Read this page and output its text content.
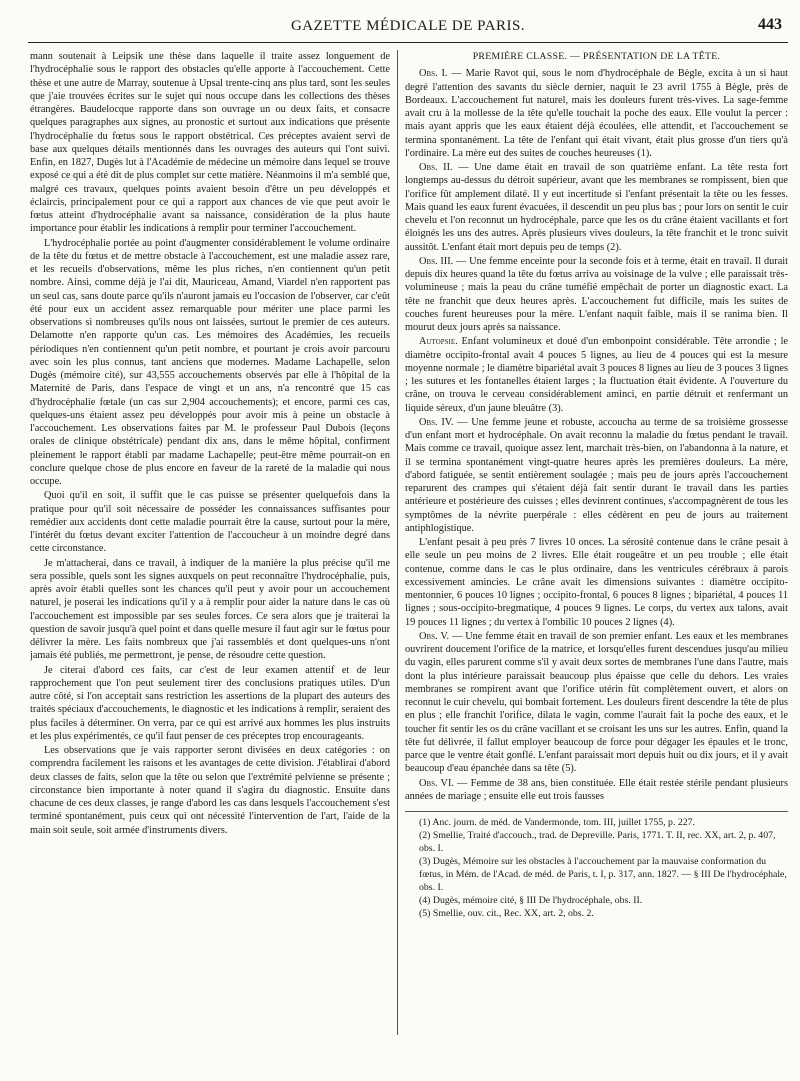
GAZETTE MÉDICALE DE PARIS.	443

mann soutenait à Leipsik une thèse dans laquelle il traite assez longuement de l'hydrocéphalie sous le rapport des obstacles qu'elle apporte à l'accouchement. Cette thèse et une autre de Marray, soutenue à Upsal trente-cinq ans plus tard, sont les seules que j'aie trouvées écrites sur le sujet qui nous occupe dans les collections des thèses étrangères. Baudelocque rapporte dans son ouvrage un ou deux faits, et consacre quelques paragraphes aux signes, au pronostic et surtout aux indications que présente l'hydrocéphalie du fœtus sous le rapport obstétrical. Ces préceptes avaient servi de base aux quelques détails mentionnés dans les ouvrages des auteurs qui l'ont suivi. Enfin, en 1827, Dugès lut à l'Académie de médecine un mémoire dans lequel se trouve exposé ce qui a été dit de plus complet sur cette matière. Néanmoins il m'a semblé que, malgré ces travaux, quelques points avaient besoin d'être un peu développés et éclaircis, principalement pour ce qui a rapport aux chances de vie que peut avoir le fœtus atteint d'hydrocéphalie avant sa naissance, considération de la plus haute importance pour établir les indications à remplir pour terminer l'accouchement.

L'hydrocéphalie portée au point d'augmenter considérablement le volume ordinaire de la tête du fœtus et de mettre obstacle à l'accouchement, est une maladie assez rare, et les recueils d'observations, même les plus riches, n'en contiennent qu'un petit nombre. Ainsi, comme déjà je l'ai dit, Mauriceau, Amand, Viardel n'en rapportent pas un seul cas, sans doute parce qu'ils n'auront jamais eu l'occasion de l'observer, car c'eût été pour eux un accident assez remarquable pour mériter une place parmi les observations si nombreuses qu'ils nous ont laissées, surtout le premier de ces auteurs. Delamotte n'en rapporte qu'un cas. Les mémoires des Académies, les recueils périodiques n'en contiennent qu'un petit nombre, et pourtant je crois avoir parcouru avec soin les plus connus, tant anciens que modernes. Madame Lachapelle, selon Dugès (mémoire cité), sur 43,555 accouchements observés par elle à l'hôpital de la Maternité de Paris, dans l'espace de vingt et un ans, n'a rencontré que 15 cas d'hydrocéphalie fœtale (un cas sur 2,904 accouchements); et encore, parmi ces cas, quelques-uns étaient assez peu développés pour avoir mis à peine un obstacle à l'accouchement. Les observations faites par M. le professeur Paul Dubois (leçons orales de clinique obstétricale) pendant dix ans, dans le même hôpital, confirment pleinement le rapport établi par madame Lachapelle; peut-être même pourrait-on en conclure quelque chose de plus encore en faveur de la rareté de la maladie qui nous occupe.

Quoi qu'il en soit, il suffit que le cas puisse se présenter quelquefois dans la pratique pour qu'il soit nécessaire de posséder les connaissances suffisantes pour remédier aux accidents dont cette maladie pourrait être la cause, surtout pour la mère, l'intérêt du fœtus devant exciter l'attention de l'accoucheur à un moindre degré dans cette circonstance.

Je m'attacherai, dans ce travail, à indiquer de la manière la plus précise qu'il me sera possible, quels sont les signes auxquels on peut reconnaître l'hydrocéphalie, puis, après avoir établi quelles sont les chances qu'il peut y avoir pour un accouchement naturel, je poserai les indications qu'il y a à remplir pour aider la nature dans le cas où l'accouchement est impossible par ses seules forces. Ce sera alors que je traiterai la question de savoir jusqu'à quel point et dans quelle mesure il faut agir sur le fœtus pour délivrer la mère. Les faits nombreux que j'ai rassemblés et dont quelques-uns n'ont jamais été publiés, me permettront, je pense, de résoudre cette question.

Je citerai d'abord ces faits, car c'est de leur examen attentif et de leur rapprochement que l'on peut seulement tirer des conclusions pratiques utiles. D'un autre côté, si l'on acceptait sans restriction les assertions de la plupart des auteurs des traités spéciaux d'accouchements, le diagnostic et les indications à remplir, seraient des plus faciles à déterminer. On verra, par ce qui est arrivé aux hommes les plus instruits et les plus expérimentés, ce qu'il faut penser de ces préceptes trop encourageants.

Les observations que je vais rapporter seront divisées en deux catégories : on comprendra facilement les raisons et les avantages de cette division. J'établirai d'abord deux classes de faits, selon que la tête ou selon que l'extrémité pelvienne se présente ; circonstance bien importante à noter quand il s'agira du diagnostic. Ensuite dans chacune de ces deux classes, je range d'abord les cas dans lesquels l'accouchement s'est terminé spontanément, puis ceux qui ont nécessité l'intervention de l'art, l'aide de la main soit seule, soit armée d'instruments divers.

PREMIÈRE CLASSE. — PRÉSENTATION DE LA TÊTE.

Obs. I. — Marie Ravot qui, sous le nom d'hydrocéphale de Bègle, excita à un si haut degré l'attention des savants du siècle dernier, naquit le 23 avril 1755 à Bègle, près de Bordeaux. L'accouchement fut naturel, mais les douleurs furent très-vives. La sage-femme avait cru à la mollesse de la tête qu'elle touchait la poche des eaux. Elle voulut la percer : mais ayant appris que les eaux étaient déjà écoulées, elle attendit, et l'accouchement se termina spontanément. La tête de l'enfant qui était vivant, était plus grosse d'un tiers qu'à l'ordinaire. La mère eut des suites de couches heureuses (1).

Obs. II. — Une dame était en travail de son quatrième enfant. La tête resta fort longtemps au-dessus du détroit supérieur, avant que les membranes se rompissent, bien que l'orifice fût amplement dilaté. Il y eut incertitude si l'enfant présentait la tête ou les fesses. Mais quand les eaux furent évacuées, il descendit un peu plus bas ; pour lors on sentit le cuir chevelu et l'on reconnut un hydrocéphale, parce que les os du crâne étaient vacillants et fort éloignés les uns des autres. Après plusieurs vives douleurs, la tête franchit et le tronc suivit aussitôt. L'enfant était mort depuis peu de temps (2).

Obs. III. — Une femme enceinte pour la seconde fois et à terme, était en travail. Il durait depuis dix heures quand la tête du fœtus arriva au voisinage de la vulve ; elle paraissait très-volumineuse ; mais la peau du crâne tuméfié empêchait de porter un diagnostic exact. La tête ne franchit que deux heures après. L'accouchement fut difficile, mais les suites de couches furent heureuses pour la mère. L'enfant naquit faible, mais il se ranima bien. Il mourut deux jours après sa naissance.

Autopsie. Enfant volumineux et doué d'un embonpoint considérable. Tête arrondie ; le diamètre occipito-frontal avait 4 pouces 5 lignes, au lieu de 4 pouces qui est la mesure moyenne normale ; le diamètre bipariétal avait 3 pouces 8 lignes au lieu de 3 pouces 3 lignes ; les sutures et les fontanelles étaient larges ; la fluctuation était évidente. A l'ouverture du crâne, on trouva le cerveau considérablement aminci, en partie détruit et renfermant un liquide séreux, d'un jaune bleuâtre (3).

Obs. IV. — Une femme jeune et robuste, accoucha au terme de sa troisième grossesse d'un enfant mort et hydrocéphale. On avait reconnu la maladie du fœtus pendant le travail. Mais comme ce travail, quoique assez lent, marchait très-bien, on l'abandonna à la nature, et il se termina spontanément vingt-quatre heures après les premières douleurs. La mère, d'abord fatiguée, se sentit entièrement soulagée ; mais peu de jours après l'accouchement reparurent des crampes qui s'étaient déjà fait sentir durant le travail dans les parties antérieure et postérieure des cuisses ; elles devinrent continues, s'accompagnèrent de tous les symptômes de la névrite puerpérale : elles cédèrent en peu de jours au traitement antiphlogistique.

L'enfant pesait à peu près 7 livres 10 onces. La sérosité contenue dans le crâne pesait à elle seule un peu moins de 2 livres. Elle était rougeâtre et un peu trouble ; elle était contenue, comme dans le cas le plus ordinaire, dans les ventricules cérébraux à parois excessivement amincies. Le crâne avait les dimensions suivantes : diamètre occipito-mentonnier, 6 pouces 10 lignes ; occipito-frontal, 6 pouces 8 lignes ; bipariétal, 4 pouces 11 lignes ; sous-occipito-bregmatique, 4 pouces 9 lignes. Le corps, du vertex aux talons, avait 19 pouces 11 lignes ; du vertex à l'ombilic 10 pouces 2 lignes (4).

Obs. V. — Une femme était en travail de son premier enfant. Les eaux et les membranes ouvrirent doucement l'orifice de la matrice, et lorsqu'elles furent descendues jusqu'au milieu du vagin, elles parurent comme s'il y avait deux sortes de membranes l'une dans l'autre, mais dont la plus intérieure paraissait beaucoup plus épaisse que celle du dehors. Les vraies membranes se rompirent avant que l'orifice utérin fût complètement ouvert, et alors on reconnut le cuir chevelu, qui bombait fortement. Les douleurs firent descendre la tête de plus en plus ; elle franchit l'orifice, dilata le vagin, comme l'aurait fait la poche des eaux, et le toucher fit sentir les os du crâne vacillant et se croisant les uns sur les autres. Enfin, quand la tête fut délivrée, il fallut employer beaucoup de force pour dégager les épaules et le tronc, parce que le ventre était gonflé. L'enfant paraissait mort depuis huit ou dix jours, et il y avait beaucoup d'eau épanchée dans sa tête (5).

Obs. VI. — Femme de 38 ans, bien constituée. Elle était restée stérile pendant plusieurs années de mariage ; ensuite elle eut trois fausses

(1) Anc. journ. de méd. de Vandermonde, tom. III, juillet 1755, p. 227.
(2) Smellie, Traité d'accouch., trad. de Depreville. Paris, 1771. T. II, rec. XX, art. 2, p. 407, obs. I.
(3) Dugès, Mémoire sur les obstacles à l'accouchement par la mauvaise conformation du fœtus, in Mém. de l'Acad. de méd. de Paris, t. I, p. 317, ann. 1827. — § III De l'hydrocéphale, obs. I.
(4) Dugès, mémoire cité, § III De l'hydrocéphale, obs. II.
(5) Smellie, ouv. cit., Rec. XX, art. 2, obs. 2.
